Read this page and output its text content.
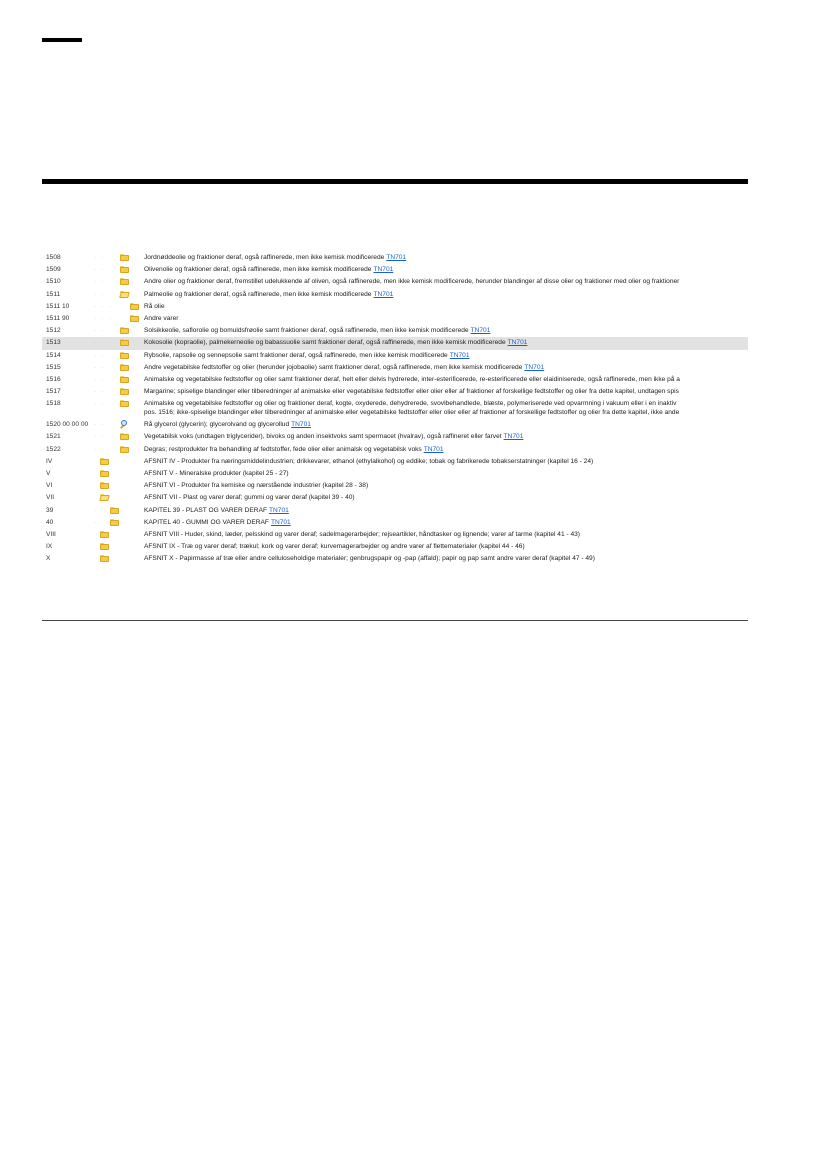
1508	· ·	Jordnøddeolie og fraktioner deraf, også raffinerede, men ikke kemisk modificerede TN701
1509	· ·	Olivenolie og fraktioner deraf, også raffinerede, men ikke kemisk modificerede TN701
1510	· ·	Andre olier og fraktioner deraf, fremstillet udelukkende af oliven, også raffinerede, men ikke kemisk modificerede, herunder blandinger af disse olier og fraktioner med olier og fraktioner
1511	· ·	Palmeolie og fraktioner deraf, også raffinerede, men ikke kemisk modificerede TN701
1511 10	· · ·	Rå olie
1511 90	· · ·	Andre varer
1512	· ·	Solsikkeolie, saflorolie og bomuldsfrøolie samt fraktioner deraf, også raffinerede, men ikke kemisk modificerede TN701
1513	· ·	Kokosolie (kopraolie), palmekerneolie og babassuolie samt fraktioner deraf, også raffinerede, men ikke kemisk modificerede TN701
1514	· ·	Rybsolie, rapsolie og sennepsolie samt fraktioner deraf, også raffinerede, men ikke kemisk modificerede TN701
1515	· ·	Andre vegetabilske fedtstoffer og olier (herunder jojobaolie) samt fraktioner deraf, også raffinerede, men ikke kemisk modificerede TN701
1516	· ·	Animalske og vegetabilske fedtstoffer og olier samt fraktioner deraf, helt eller delvis hydrerede, inter-esterificerede, re-esterificerede eller elaidiniserede, også raffinerede, men ikke på a
1517	· ·	Margarine; spiselige blandinger eller tilberedninger af animalske eller vegetabilske fedtstoffer eller olier eller af fraktioner af forskellige fedtstoffer og olier fra dette kapitel, undtagen spis
1518	· ·	Animalske og vegetabilske fedtstoffer og olier og fraktioner deraf, kogte, oxyderede, dehydrerede, svovlbehandlede, blæste, polymeriserede ved opvarmning i vakuum eller i en inaktiv
pos. 1516; ikke-spiselige blandinger eller tilberedninger af animalske eller vegetabilske fedtstoffer eller olier eller af fraktioner af forskellige fedtstoffer og olier fra dette kapitel, ikke ande
1520 00 00 00 · ·	Rå glycerol (glycerin); glycerolvand og glycerollud TN701
1521	· ·	Vegetabilsk voks (undtagen triglycerider), bivoks og anden insektvoks samt spermacet (hvalrav), også raffineret eller farvet TN701
1522	· ·	Degras; restprodukter fra behandling af fedtstoffer, fede olier eller animalsk og vegetabilsk voks TN701
IV	AFSNIT IV - Produkter fra næringsmiddelindustrien; drikkevarer, ethanol (ethylalkohol) og eddike; tobak og fabrikerede tobakserstatninger (kapitel 16 - 24)
V	AFSNIT V - Mineralske produkter (kapitel 25 - 27)
VI	AFSNIT VI - Produkter fra kemiske og nærstående industrier (kapitel 28 - 38)
VII	AFSNIT VII - Plast og varer deraf; gummi og varer deraf (kapitel 39 - 40)
39	·	KAPITEL 39 - PLAST OG VARER DERAF TN701
40	·	KAPITEL 40 - GUMMI OG VARER DERAF TN701
VIII	AFSNIT VIII - Huder, skind, læder, pelsskind og varer deraf; sadelmagerarbejder; rejseartikler, håndtasker og lignende; varer af tarme (kapitel 41 - 43)
IX	AFSNIT IX - Træ og varer deraf; trækul; kork og varer deraf; kurvemagerarbejder og andre varer af flettematerialer (kapitel 44 - 46)
X	AFSNIT X - Papirmasse af træ eller andre celluloseholdige materialer; genbrugspapir og -pap (affald); papir og pap samt andre varer deraf (kapitel 47 - 49)
